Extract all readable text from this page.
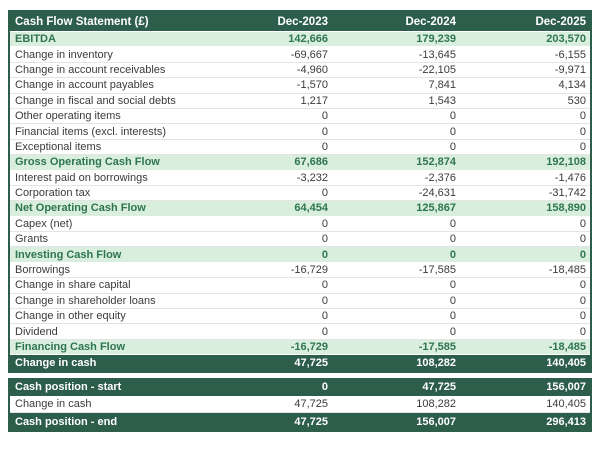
Cash Flow Statement (£)	Dec-2023	Dec-2024	Dec-2025
EBITDA	142,666	179,239	203,570
Change in inventory	-69,667	-13,645	-6,155
Change in account receivables	-4,960	-22,105	-9,971
Change in account payables	-1,570	7,841	4,134
Change in fiscal and social debts	1,217	1,543	530
Other operating items	0	0	0
Financial items (excl. interests)	0	0	0
Exceptional items	0	0	0
Gross Operating Cash Flow	67,686	152,874	192,108
Interest paid on borrowings	-3,232	-2,376	-1,476
Corporation tax	0	-24,631	-31,742
Net Operating Cash Flow	64,454	125,867	158,890
Capex (net)	0	0	0
Grants	0	0	0
Investing Cash Flow	0	0	0
Borrowings	-16,729	-17,585	-18,485
Change in share capital	0	0	0
Change in shareholder loans	0	0	0
Change in other equity	0	0	0
Dividend	0	0	0
Financing Cash Flow	-16,729	-17,585	-18,485
Change in cash	47,725	108,282	140,405
Cash position - start	0	47,725	156,007
Change in cash	47,725	108,282	140,405
Cash position - end	47,725	156,007	296,413
